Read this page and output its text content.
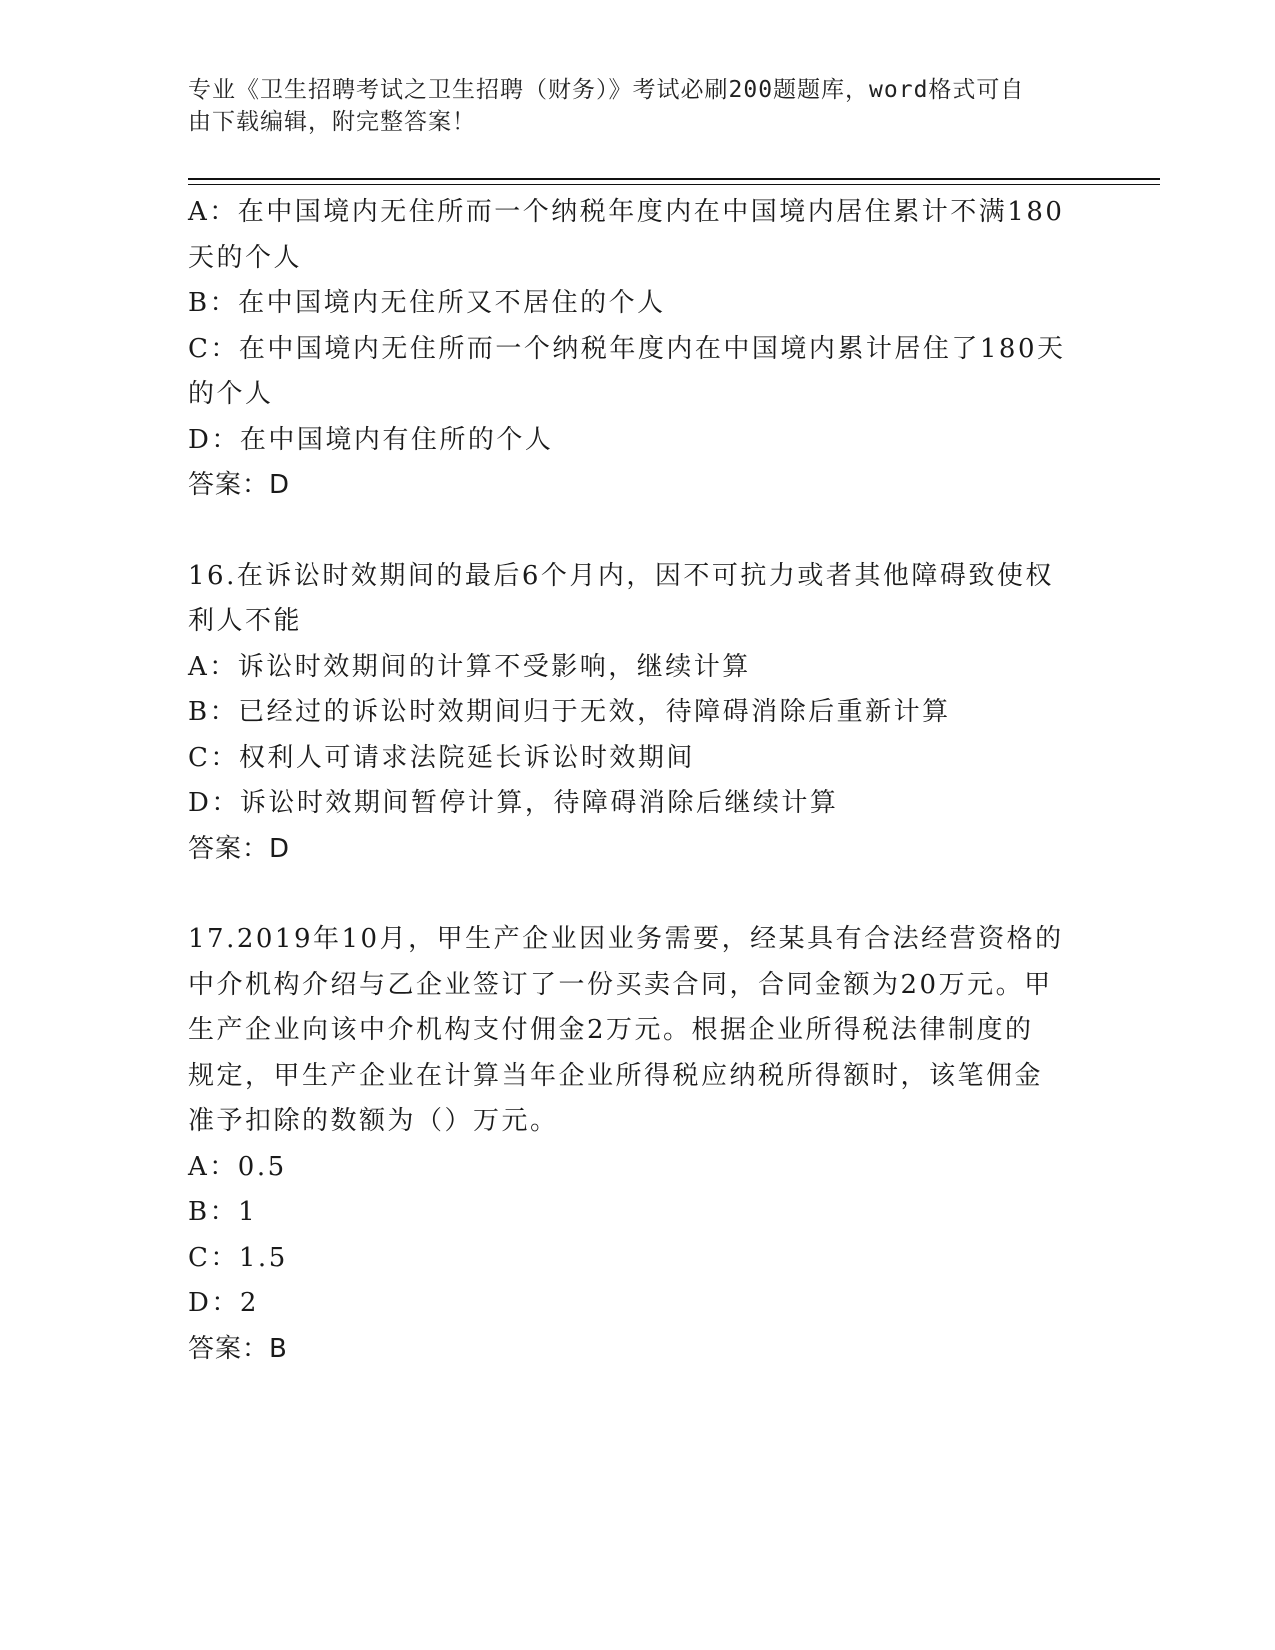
专业《卫生招聘考试之卫生招聘（财务）》考试必刷200题题库，word格式可自
由下载编辑，附完整答案！
A：在中国境内无住所而一个纳税年度内在中国境内居住累计不满180
天的个人
B：在中国境内无住所又不居住的个人
C：在中国境内无住所而一个纳税年度内在中国境内累计居住了180天
的个人
D：在中国境内有住所的个人
答案：D
16.在诉讼时效期间的最后6个月内，因不可抗力或者其他障碍致使权
利人不能
A：诉讼时效期间的计算不受影响，继续计算
B：已经过的诉讼时效期间归于无效，待障碍消除后重新计算
C：权利人可请求法院延长诉讼时效期间
D：诉讼时效期间暂停计算，待障碍消除后继续计算
答案：D
17.2019年10月，甲生产企业因业务需要，经某具有合法经营资格的
中介机构介绍与乙企业签订了一份买卖合同，合同金额为20万元。甲
生产企业向该中介机构支付佣金2万元。根据企业所得税法律制度的
规定，甲生产企业在计算当年企业所得税应纳税所得额时，该笔佣金
准予扣除的数额为（）万元。
A：0.5
B：1
C：1.5
D：2
答案：B
